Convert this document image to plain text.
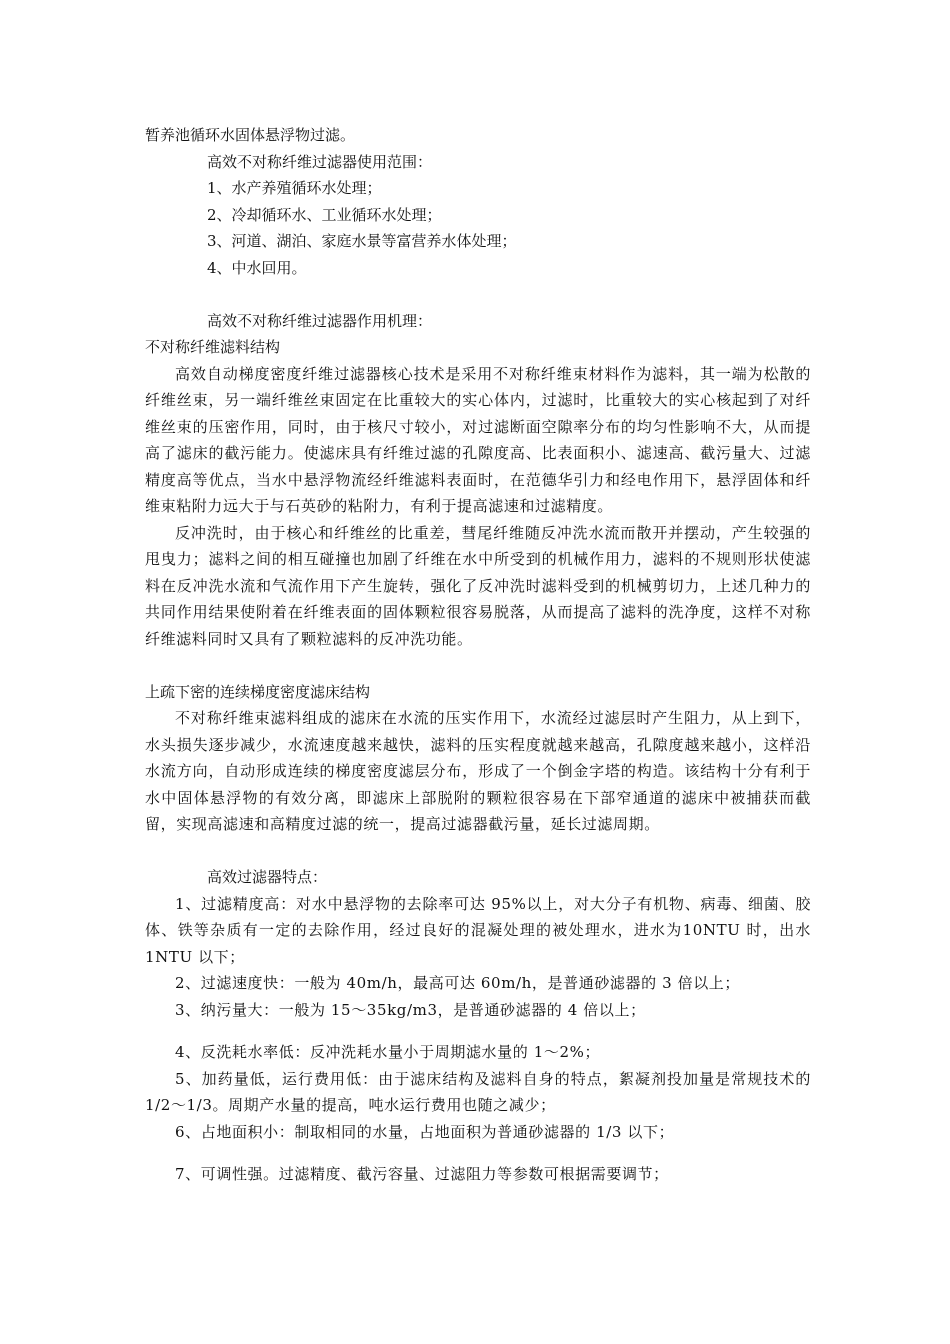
暂养池循环水固体悬浮物过滤。

高效不对称纤维过滤器使用范围：

1、水产养殖循环水处理；

2、冷却循环水、工业循环水处理；

3、河道、湖泊、家庭水景等富营养水体处理；

4、中水回用。

高效不对称纤维过滤器作用机理：

不对称纤维滤料结构

高效自动梯度密度纤维过滤器核心技术是采用不对称纤维束材料作为滤料，其一端为松散的纤维丝束，另一端纤维丝束固定在比重较大的实心体内，过滤时，比重较大的实心核起到了对纤维丝束的压密作用，同时，由于核尺寸较小，对过滤断面空隙率分布的均匀性影响不大，从而提高了滤床的截污能力。使滤床具有纤维过滤的孔隙度高、比表面积小、滤速高、截污量大、过滤精度高等优点，当水中悬浮物流经纤维滤料表面时，在范德华引力和经电作用下，悬浮固体和纤维束粘附力远大于与石英砂的粘附力，有利于提高滤速和过滤精度。

反冲洗时，由于核心和纤维丝的比重差，彗尾纤维随反冲洗水流而散开并摆动，产生较强的甩曳力；滤料之间的相互碰撞也加剧了纤维在水中所受到的机械作用力，滤料的不规则形状使滤料在反冲洗水流和气流作用下产生旋转，强化了反冲洗时滤料受到的机械剪切力，上述几种力的共同作用结果使附着在纤维表面的固体颗粒很容易脱落，从而提高了滤料的洗净度，这样不对称纤维滤料同时又具有了颗粒滤料的反冲洗功能。

上疏下密的连续梯度密度滤床结构

不对称纤维束滤料组成的滤床在水流的压实作用下，水流经过滤层时产生阻力，从上到下，水头损失逐步减少，水流速度越来越快，滤料的压实程度就越来越高，孔隙度越来越小，这样沿水流方向，自动形成连续的梯度密度滤层分布，形成了一个倒金字塔的构造。该结构十分有利于水中固体悬浮物的有效分离，即滤床上部脱附的颗粒很容易在下部窄通道的滤床中被捕获而截留，实现高滤速和高精度过滤的统一，提高过滤器截污量，延长过滤周期。

高效过滤器特点：

1、过滤精度高：对水中悬浮物的去除率可达 95%以上，对大分子有机物、病毒、细菌、胶体、铁等杂质有一定的去除作用，经过良好的混凝处理的被处理水，进水为10NTU 时，出水 1NTU 以下；

2、过滤速度快：一般为 40m/h，最高可达 60m/h，是普通砂滤器的 3 倍以上；

3、纳污量大：一般为 15～35kg/m3，是普通砂滤器的 4 倍以上；

4、反洗耗水率低：反冲洗耗水量小于周期滤水量的 1～2%；

5、加药量低，运行费用低：由于滤床结构及滤料自身的特点，絮凝剂投加量是常规技术的 1/2～1/3。周期产水量的提高，吨水运行费用也随之减少；

6、占地面积小：制取相同的水量，占地面积为普通砂滤器的 1/3 以下；

7、可调性强。过滤精度、截污容量、过滤阻力等参数可根据需要调节；
